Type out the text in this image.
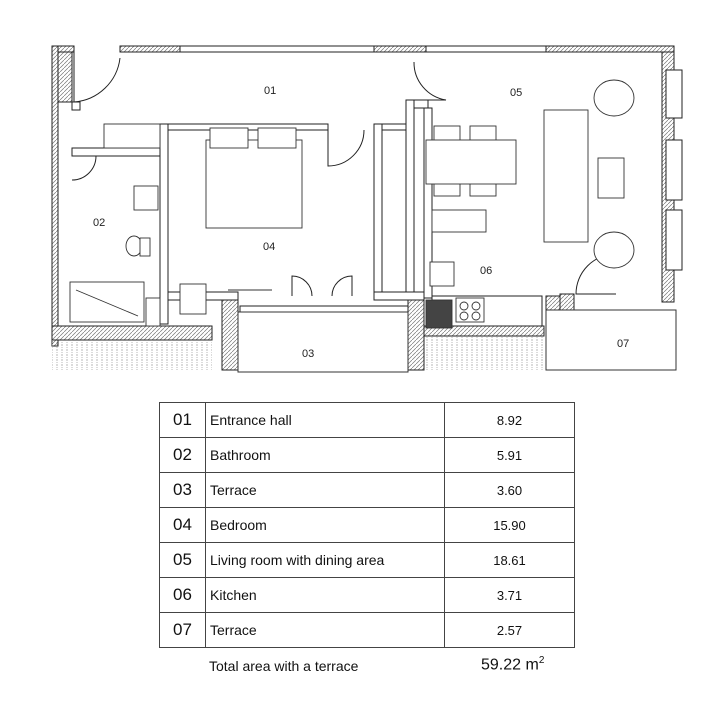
01
02
03
04
05
06
07
01	Entrance hall	8.92
02	Bathroom	5.91
03	Terrace	3.60
04	Bedroom	15.90
05	Living room with dining area	18.61
06	Kitchen	3.71
07	Terrace	2.57
Total area with a terrace	59.22 $m^2$
